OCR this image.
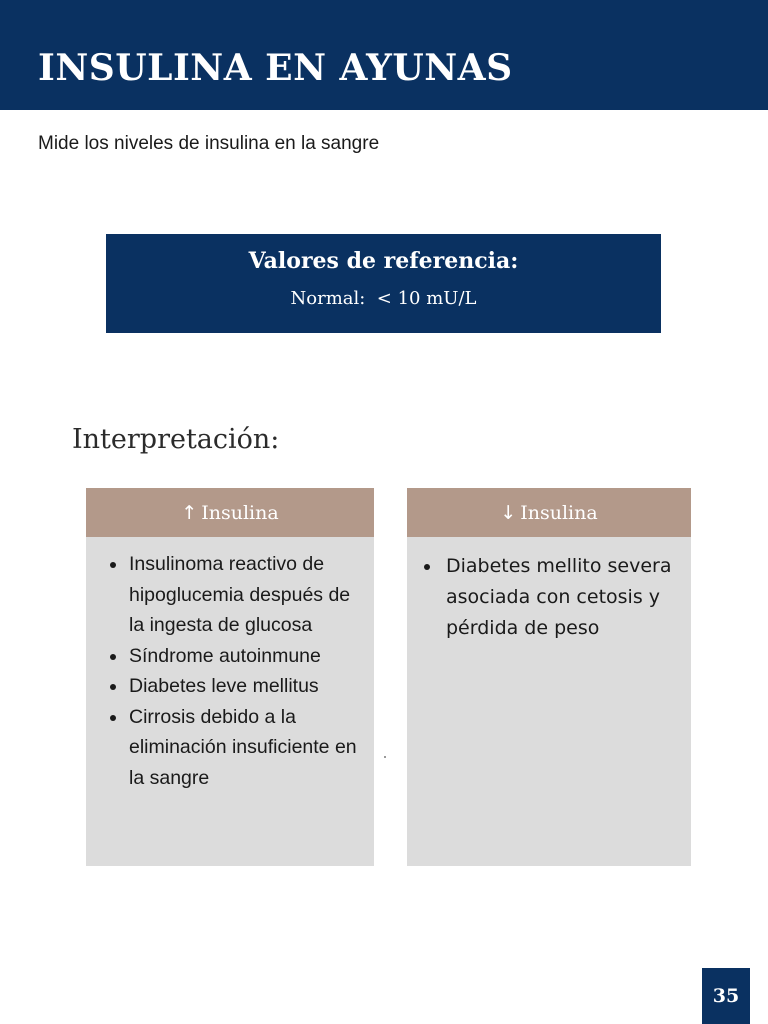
INSULINA EN AYUNAS
Mide los niveles de insulina en la sangre
Valores de referencia:
Normal:  < 10 mU/L
Interpretación:
↑ Insulina
Insulinoma reactivo de hipoglucemia después de la ingesta de glucosa
Síndrome autoinmune
Diabetes leve mellitus
Cirrosis debido a la eliminación insuficiente en la sangre
↓ Insulina
Diabetes mellito severa asociada con cetosis y pérdida de peso
35
